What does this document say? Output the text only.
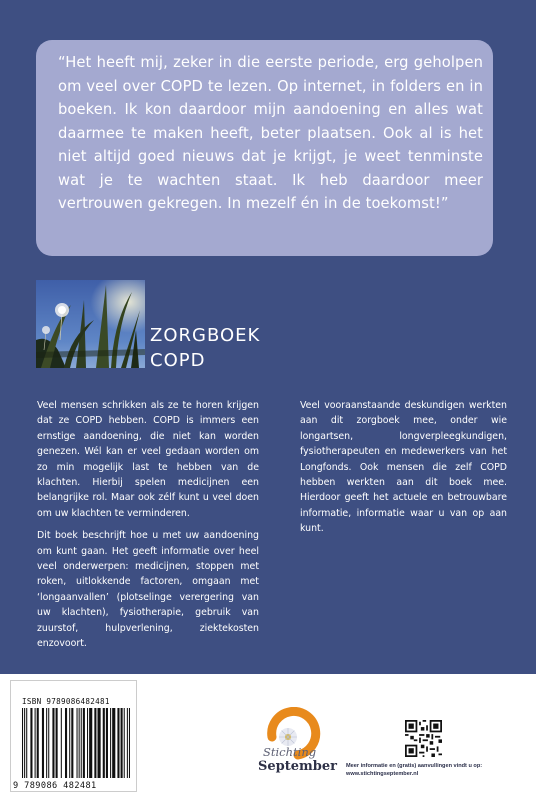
“Het heeft mij, zeker in die eerste periode, erg geholpen om veel over COPD te lezen. Op internet, in folders en in boeken. Ik kon daardoor mijn aandoening en alles wat daarmee te maken heeft, beter plaatsen. Ook al is het niet altijd goed nieuws dat je krijgt, je weet tenminste wat je te wachten staat. Ik heb daardoor meer vertrouwen gekregen. In mezelf én in de toekomst!”

ZORGBOEK
COPD

Veel mensen schrikken als ze te horen krijgen dat ze COPD hebben. COPD is immers een ernstige aandoening, die niet kan worden genezen. Wél kan er veel gedaan worden om zo min mogelijk last te hebben van de klachten. Hierbij spelen medicijnen een belangrijke rol. Maar ook zélf kunt u veel doen om uw klachten te verminderen.

Dit boek beschrijft hoe u met uw aandoening om kunt gaan. Het geeft informatie over heel veel onderwerpen: medicijnen, stoppen met roken, uitlokkende factoren, omgaan met ‘longaanvallen’ (plotselinge verergering van uw klachten), fysiotherapie, gebruik van zuurstof, hulpverlening, ziektekosten enzovoort.

Veel vooraanstaande deskundigen werkten aan dit zorgboek mee, onder wie longartsen, longverpleegkundigen, fysiotherapeuten en medewerkers van het Longfonds. Ook mensen die zelf COPD hebben werkten aan dit boek mee. Hierdoor geeft het actuele en betrouwbare informatie, informatie waar u van op aan kunt.

ISBN 9789086482481
9 789086 482481
Stichting
September Meer informatie en (gratis) aanvullingen vindt u op:
www.stichtingseptember.nl
